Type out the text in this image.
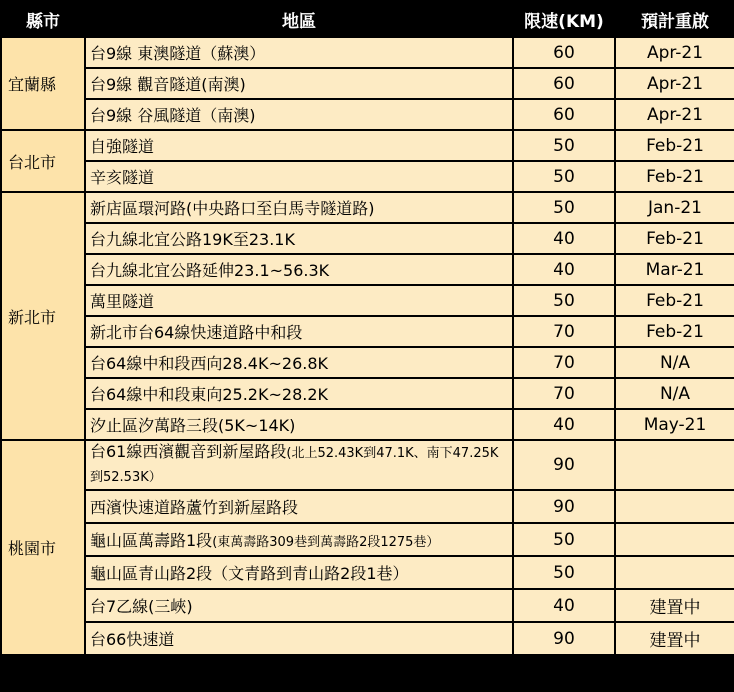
縣市	地區	限速(KM)	預計重啟
宜蘭縣	台9線 東澳隧道（蘇澳）	60	Apr-21
	台9線 觀音隧道(南澳)	60	Apr-21
	台9線 谷風隧道（南澳)	60	Apr-21
台北市	自強隧道	50	Feb-21
	辛亥隧道	50	Feb-21
新北市	新店區環河路(中央路口至白馬寺隧道路)	50	Jan-21
	台九線北宜公路19K至23.1K	40	Feb-21
	台九線北宜公路延伸23.1~56.3K	40	Mar-21
	萬里隧道	50	Feb-21
	新北市台64線快速道路中和段	70	Feb-21
	台64線中和段西向28.4K~26.8K	70	N/A
	台64線中和段東向25.2K~28.2K	70	N/A
	汐止區汐萬路三段(5K~14K)	40	May-21
桃園市	台61線西濱觀音到新屋路段(北上52.43K到47.1K、南下47.25K到52.53K）	90	
	西濱快速道路蘆竹到新屋路段	90	
	龜山區萬壽路1段(東萬壽路309巷到萬壽路2段1275巷）	50	
	龜山區青山路2段（文青路到青山路2段1巷）	50	
	台7乙線(三峽)	40	建置中
	台66快速道	90	建置中
